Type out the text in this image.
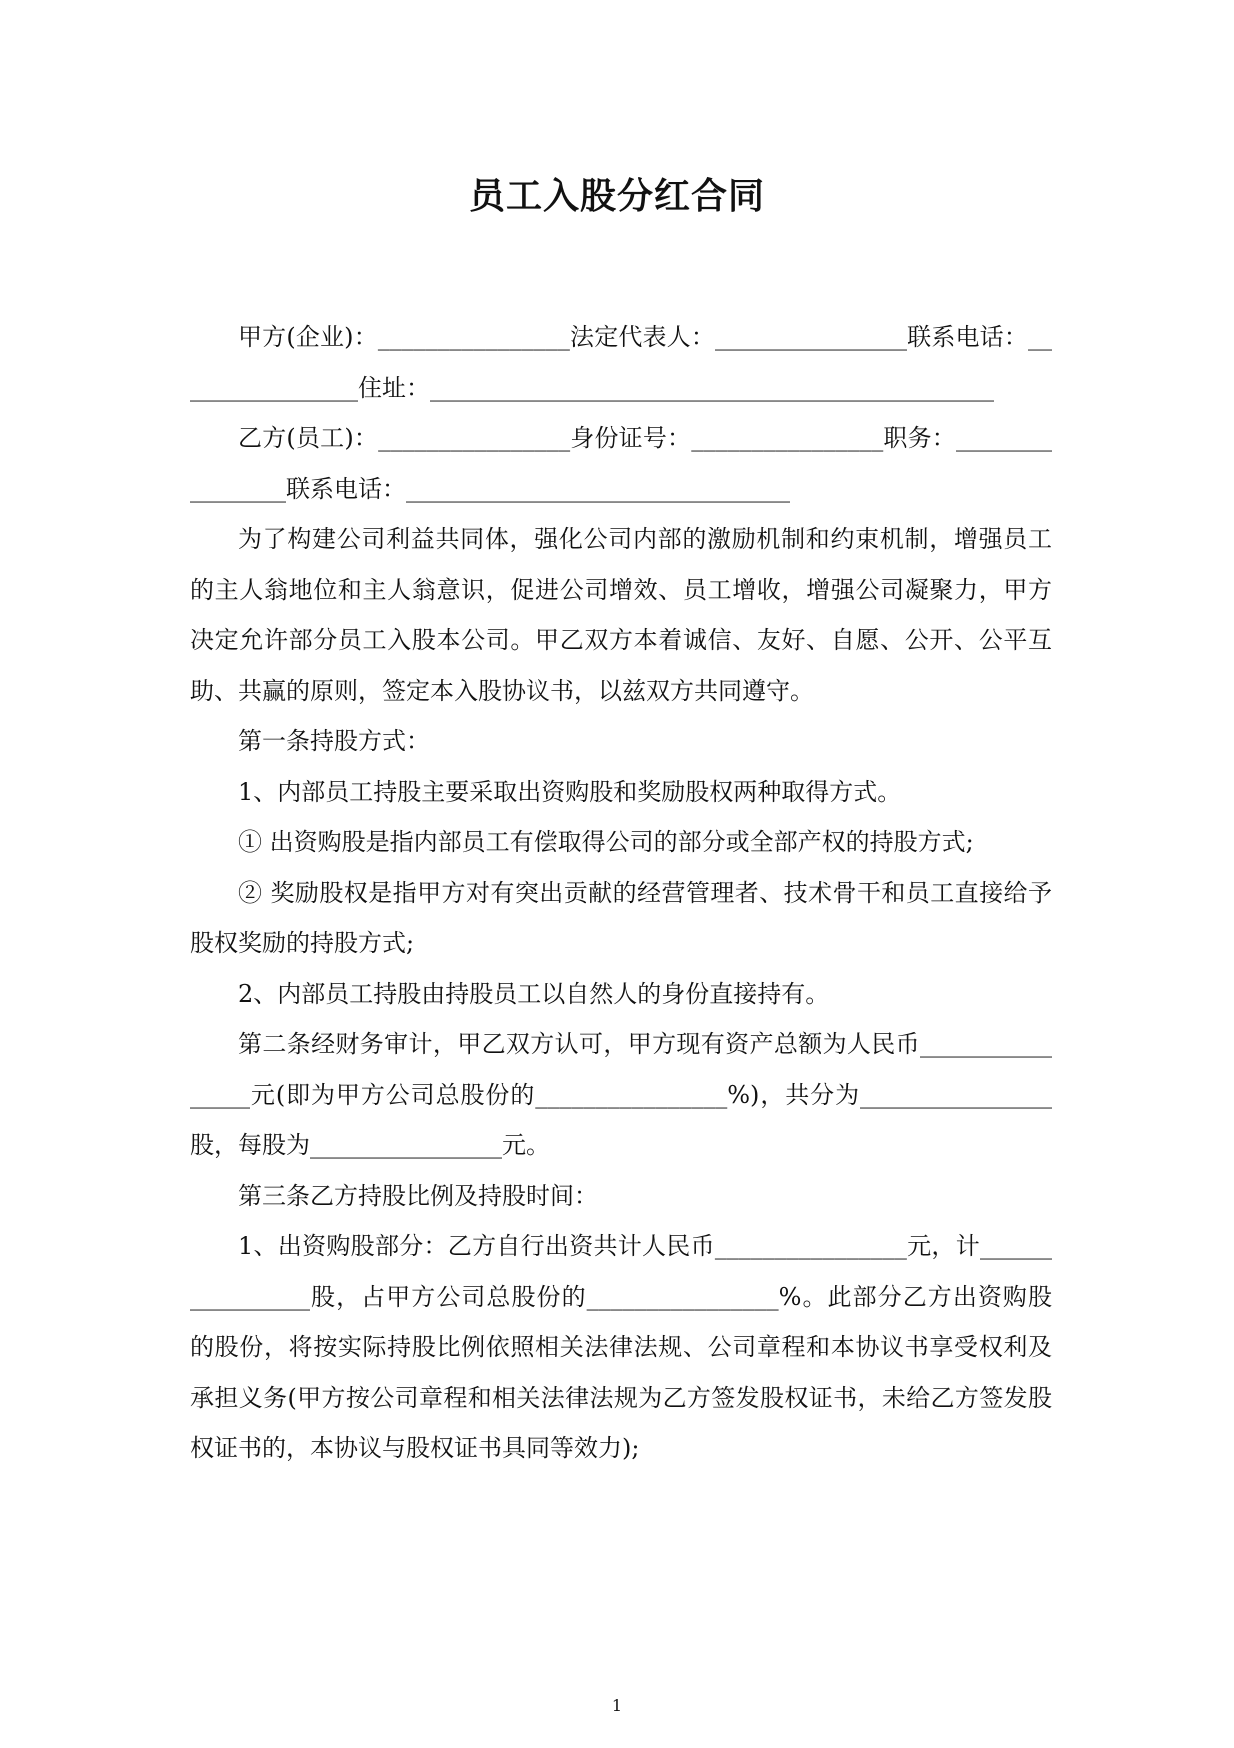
员工入股分红合同

甲方(企业)：________________法定代表人：________________联系电话：________________住址：_______________________________________________

乙方(员工)：________________身份证号：________________职务：________________联系电话：________________________________

为了构建公司利益共同体，强化公司内部的激励机制和约束机制，增强员工的主人翁地位和主人翁意识，促进公司增效、员工增收，增强公司凝聚力，甲方决定允许部分员工入股本公司。甲乙双方本着诚信、友好、自愿、公开、公平互助、共赢的原则，签定本入股协议书，以兹双方共同遵守。

第一条持股方式：

1、内部员工持股主要采取出资购股和奖励股权两种取得方式。

① 出资购股是指内部员工有偿取得公司的部分或全部产权的持股方式;

② 奖励股权是指甲方对有突出贡献的经营管理者、技术骨干和员工直接给予股权奖励的持股方式;

2、内部员工持股由持股员工以自然人的身份直接持有。

第二条经财务审计，甲乙双方认可，甲方现有资产总额为人民币________________元(即为甲方公司总股份的________________%)，共分为________________股，每股为________________元。

第三条乙方持股比例及持股时间：

1、出资购股部分：乙方自行出资共计人民币________________元，计________________股，占甲方公司总股份的________________%。此部分乙方出资购股的股份，将按实际持股比例依照相关法律法规、公司章程和本协议书享受权利及承担义务(甲方按公司章程和相关法律法规为乙方签发股权证书，未给乙方签发股权证书的，本协议与股权证书具同等效力);

1
